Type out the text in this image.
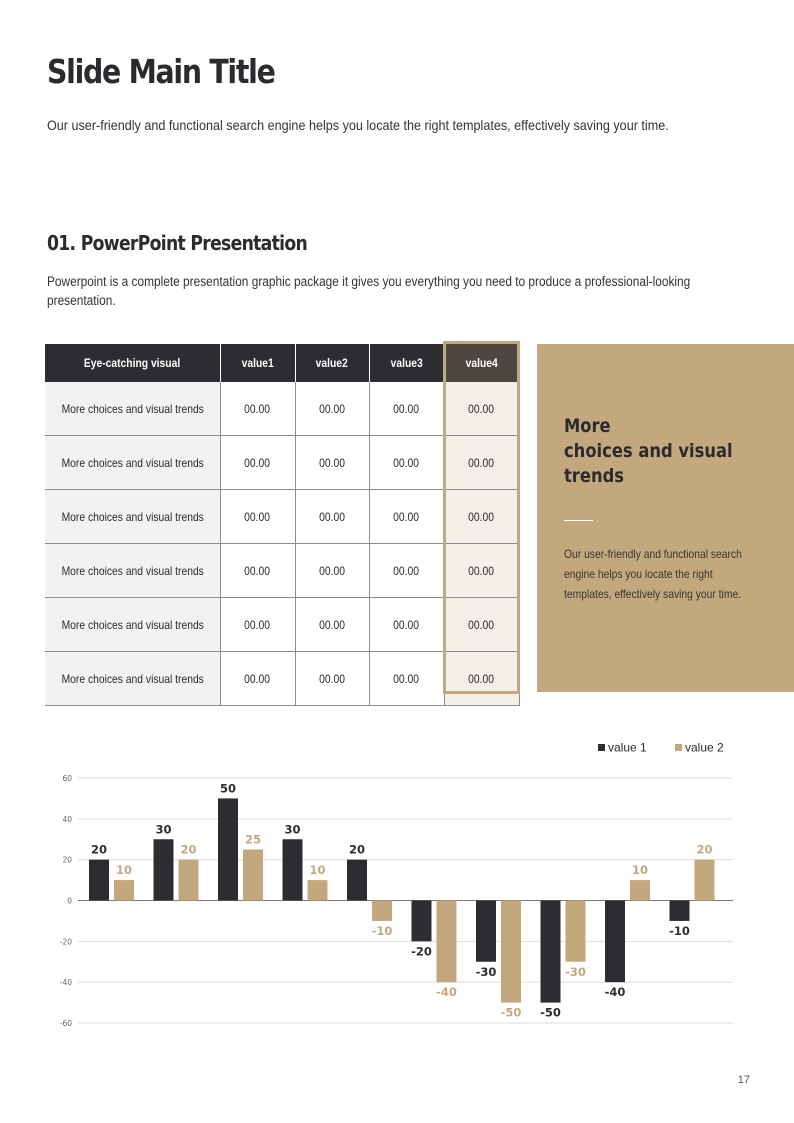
Slide Main Title

Our user-friendly and functional search engine helps you locate the right templates, effectively saving your time.

01. PowerPoint Presentation

Powerpoint is a complete presentation graphic package it gives you everything you need to produce a professional-looking presentation.

Eye-catching visual	value1	value2	value3	value4
More choices and visual trends	00.00	00.00	00.00	00.00
More choices and visual trends	00.00	00.00	00.00	00.00
More choices and visual trends	00.00	00.00	00.00	00.00
More choices and visual trends	00.00	00.00	00.00	00.00
More choices and visual trends	00.00	00.00	00.00	00.00
More choices and visual trends	00.00	00.00	00.00	00.00
More
choices and visual
trends

Our user-friendly and functional search engine helps you locate the right templates, effectively saving your time.

-60
-40
-20
0
20
40
60
20
10
30
20
50
25
30
10
20
-10
-20
-40
-30
-50 -50
-30
-40
10
-10
20
value 1	value 2
17
